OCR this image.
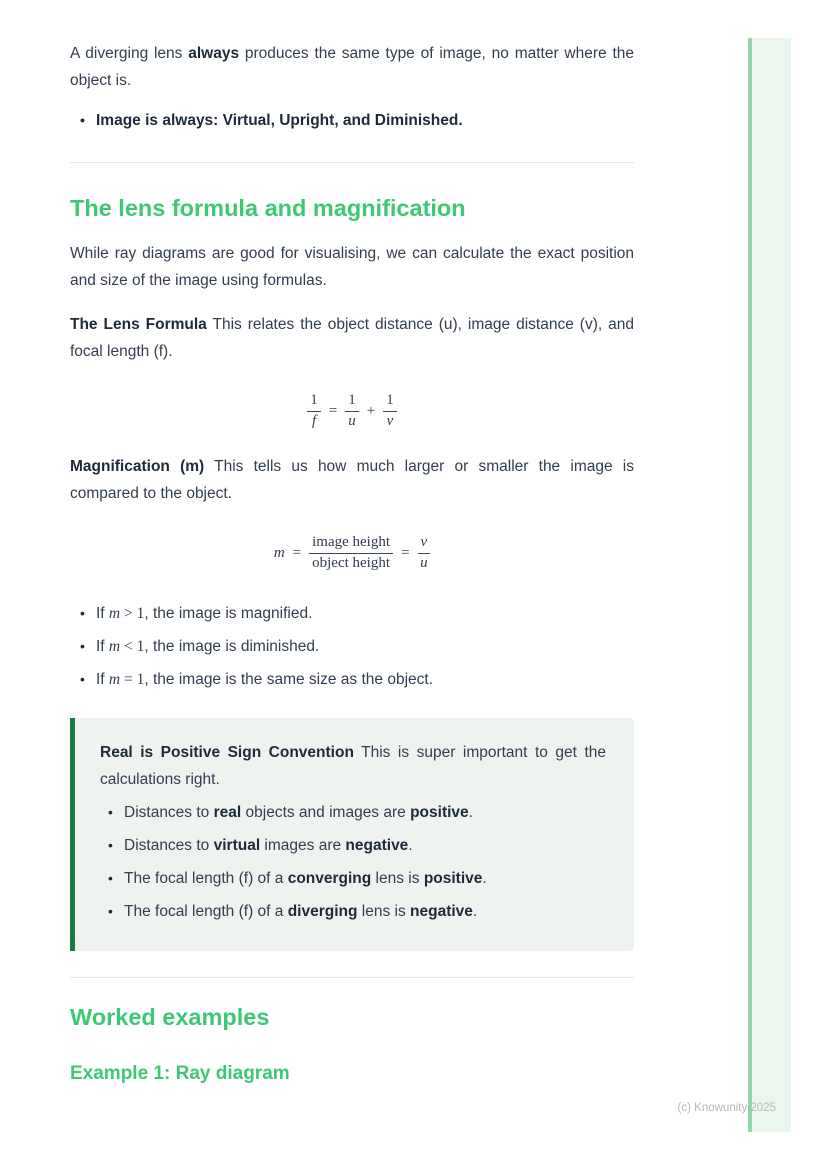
A diverging lens always produces the same type of image, no matter where the object is.

• Image is always: Virtual, Upright, and Diminished.
The lens formula and magnification

While ray diagrams are good for visualising, we can calculate the exact position and size of the image using formulas.

The Lens Formula This relates the object distance (u), image distance (v), and focal length (f).

$\frac{1}{f} = \frac{1}{u} + \frac{1}{v}$

Magnification (m) This tells us how much larger or smaller the image is compared to the object.

$m = \frac{\text{image height}}{\text{object height}} = \frac{v}{u}$
• If m > 1, the image is magnified.
• If m < 1, the image is diminished.
• If m = 1, the image is the same size as the object.

Real is Positive Sign Convention This is super important to get the calculations right.

• Distances to real objects and images are positive.
• Distances to virtual images are negative.
• The focal length (f) of a converging lens is positive.
• The focal length (f) of a diverging lens is negative.
Worked examples
Example 1: Ray diagram
(c) Knowunity 2025
